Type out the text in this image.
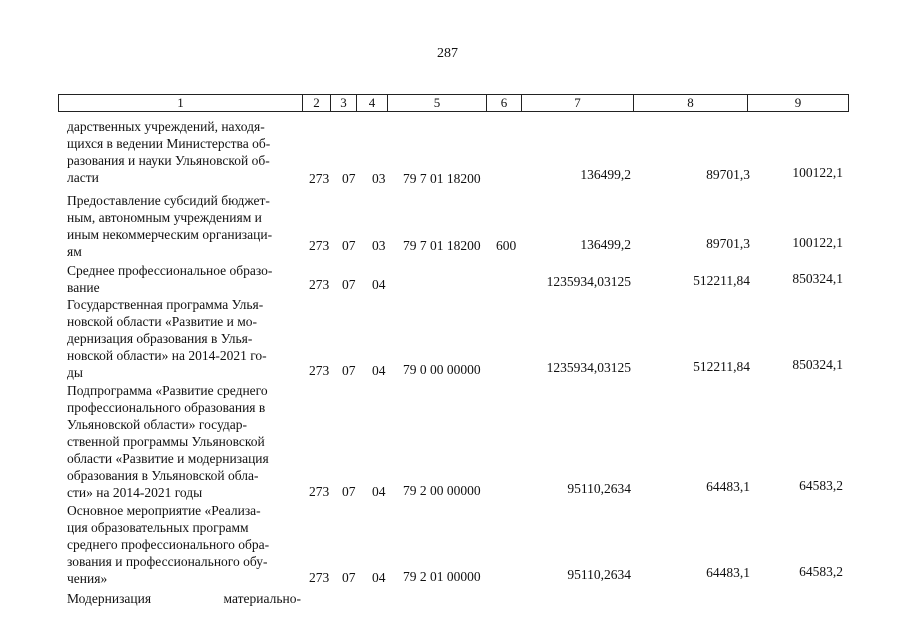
287
1	2	3	4	5	6	7	8	9
дарственных учреждений, находя-
щихся в ведении Министерства об-
разования и науки Ульяновской об-
ласти	273 07 03 79 7 01 18200	136499,2	89701,3	100122,1
Предоставление субсидий бюджет-
ным, автономным учреждениям и
иным некоммерческим организаци-
ям	273 07 03 79 7 01 18200 600	136499,2	89701,3	100122,1
Среднее профессиональное образо-
вание	273 07 04	1235934,03125	512211,84	850324,1
Государственная программа Улья-
новской области «Развитие и мо-
дернизация образования в Улья-
новской области» на 2014-2021 го-
ды	273 07 04 79 0 00 00000	1235934,03125	512211,84	850324,1
Подпрограмма «Развитие среднего
профессионального образования в
Ульяновской области» государ-
ственной программы Ульяновской
области «Развитие и модернизация
образования в Ульяновской обла-
сти» на 2014-2021 годы	273 07 04 79 2 00 00000	95110,2634	64483,1	64583,2
Основное мероприятие «Реализа-
ция образовательных программ
среднего профессионального обра-
зования и профессионального обу-
чения»	273 07 04 79 2 01 00000	95110,2634	64483,1	64583,2
Модернизация материально-
